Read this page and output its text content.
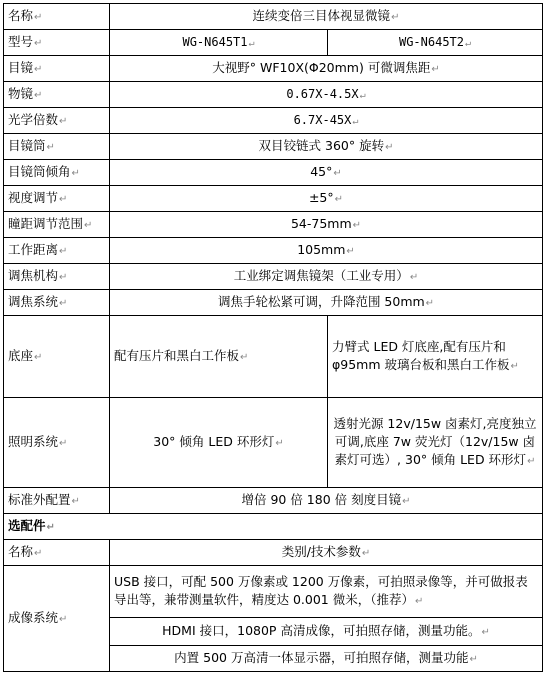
名称↵	连续变倍三目体视显微镜↵	
型号↵	WG-N645T1↵	WG-N645T2↵
目镜↵	大视野° WF10X(Φ20mm) 可微调焦距↵	
物镜↵	0.67X-4.5X↵	
光学倍数↵	6.7X-45X↵	
目镜筒↵	双目铰链式 360° 旋转↵	
目镜筒倾角↵	45°↵	
视度调节↵	±5°↵	
瞳距调节范围↵	54-75mm↵	
工作距离↵	105mm↵	
调焦机构↵	工业绑定调焦镜架（工业专用）↵	
调焦系统↵	调焦手轮松紧可调，升降范围 50mm↵	
底座↵	配有压片和黑白工作板↵	力臂式 LED 灯底座,配有压片和φ95mm 玻璃台板和黑白工作板↵
照明系统↵	30° 倾角 LED 环形灯↵	透射光源 12v/15w 卤素灯,亮度独立可调,底座 7w 荧光灯（12v/15w 卤素灯可选）, 30° 倾角 LED 环形灯↵
标准外配置↵	增倍 90 倍 180 倍 刻度目镜↵	
选配件↵		
名称↵	类别/技术参数↵	
成像系统↵	USB 接口，可配 500 万像素或 1200 万像素，可拍照录像等，并可做报表导出等，兼带测量软件，精度达 0.001 微米，（推荐）↵	
	HDMI 接口，1080P 高清成像，可拍照存储，测量功能。↵	
	内置 500 万高清一体显示器，可拍照存储，测量功能↵	
